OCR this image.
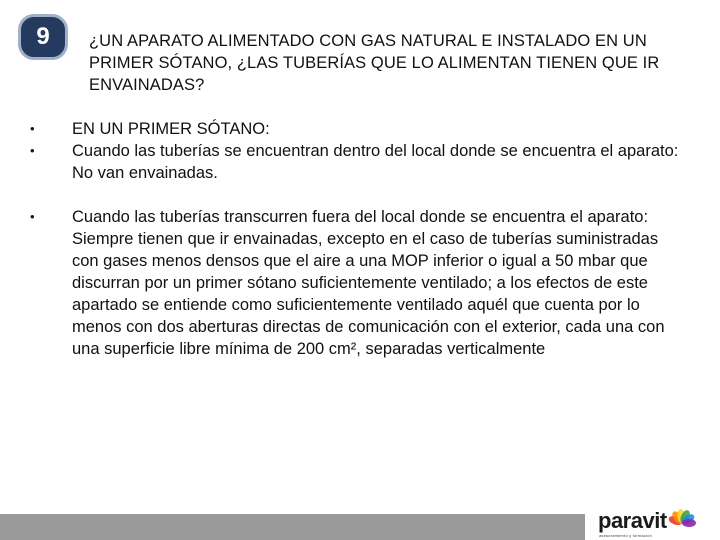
9 ¿UN APARATO ALIMENTADO CON GAS NATURAL E INSTALADO EN UN PRIMER SÓTANO, ¿LAS TUBERÍAS QUE LO ALIMENTAN TIENEN QUE IR ENVAINADAS?
•	EN UN PRIMER SÓTANO:
•	Cuando las tuberías se encuentran dentro del local donde se encuentra el aparato: No van envainadas.
•	Cuando las tuberías transcurren fuera del local donde se encuentra el aparato: Siempre tienen que ir envainadas, excepto en el caso de tuberías suministradas con gases menos densos que el aire a una MOP inferior o igual a 50 mbar que discurran por un primer sótano suficientemente ventilado; a los efectos de este apartado se entiende como suficientemente ventilado aquél que cuenta por lo menos con dos aberturas directas de comunicación con el exterior, cada una con una superficie libre mínima de 200 cm², separadas verticalmente
paravit
asesoramiento y formación
